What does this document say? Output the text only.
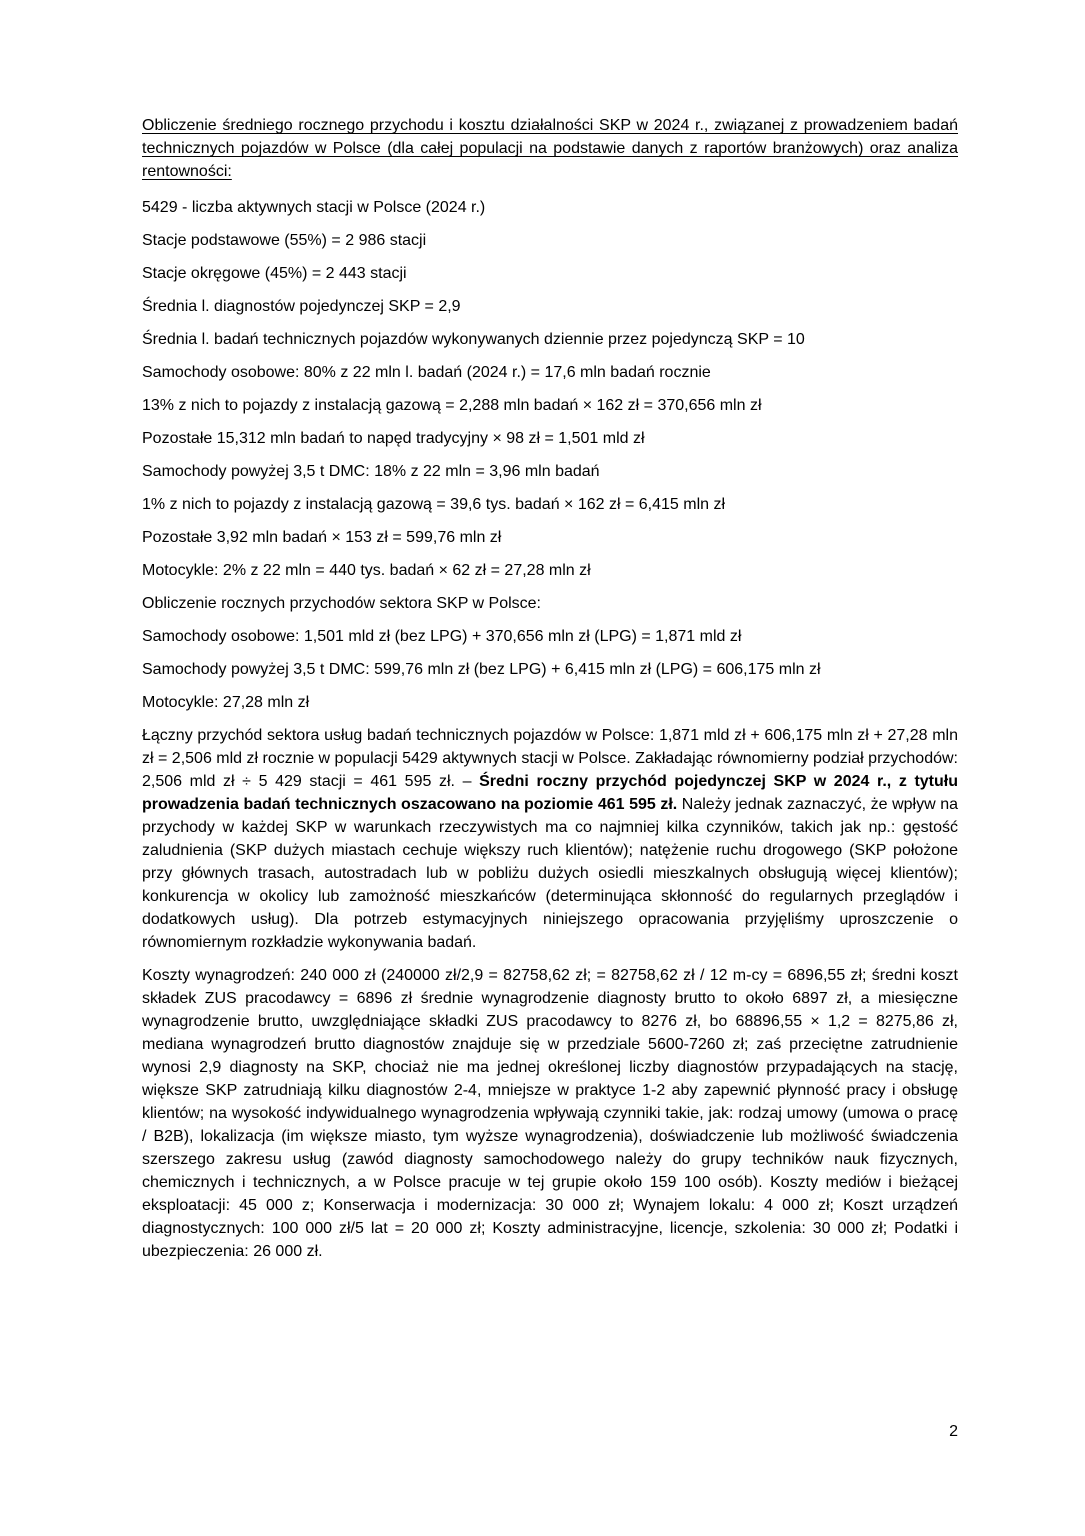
Obliczenie średniego rocznego przychodu i kosztu działalności SKP w 2024 r., związanej z prowadzeniem badań technicznych pojazdów w Polsce (dla całej populacji na podstawie danych z raportów branżowych) oraz analiza rentowności:

5429 - liczba aktywnych stacji w Polsce (2024 r.)

Stacje podstawowe (55%) = 2 986 stacji

Stacje okręgowe (45%) = 2 443 stacji

Średnia l. diagnostów pojedynczej SKP = 2,9

Średnia l. badań technicznych pojazdów wykonywanych dziennie przez pojedynczą SKP = 10

Samochody osobowe: 80% z 22 mln l. badań (2024 r.) = 17,6 mln badań rocznie

13% z nich to pojazdy z instalacją gazową = 2,288 mln badań × 162 zł = 370,656 mln zł

Pozostałe 15,312 mln badań to napęd tradycyjny × 98 zł = 1,501 mld zł

Samochody powyżej 3,5 t DMC: 18% z 22 mln = 3,96 mln badań

1% z nich to pojazdy z instalacją gazową = 39,6 tys. badań × 162 zł = 6,415 mln zł

Pozostałe 3,92 mln badań × 153 zł = 599,76 mln zł

Motocykle: 2% z 22 mln = 440 tys. badań × 62 zł = 27,28 mln zł

Obliczenie rocznych przychodów sektora SKP w Polsce:

Samochody osobowe: 1,501 mld zł (bez LPG) + 370,656 mln zł (LPG) = 1,871 mld zł

Samochody powyżej 3,5 t DMC: 599,76 mln zł (bez LPG) + 6,415 mln zł (LPG) = 606,175 mln zł

Motocykle: 27,28 mln zł

Łączny przychód sektora usług badań technicznych pojazdów w Polsce: 1,871 mld zł + 606,175 mln zł + 27,28 mln zł = 2,506 mld zł rocznie w populacji 5429 aktywnych stacji w Polsce. Zakładając równomierny podział przychodów: 2,506 mld zł ÷ 5 429 stacji = 461 595 zł. – Średni roczny przychód pojedynczej SKP w 2024 r., z tytułu prowadzenia badań technicznych oszacowano na poziomie 461 595 zł. Należy jednak zaznaczyć, że wpływ na przychody w każdej SKP w warunkach rzeczywistych ma co najmniej kilka czynników, takich jak np.: gęstość zaludnienia (SKP dużych miastach cechuje większy ruch klientów); natężenie ruchu drogowego (SKP położone przy głównych trasach, autostradach lub w pobliżu dużych osiedli mieszkalnych obsługują więcej klientów); konkurencja w okolicy lub zamożność mieszkańców (determinująca skłonność do regularnych przeglądów i dodatkowych usług). Dla potrzeb estymacyjnych niniejszego opracowania przyjęliśmy uproszczenie o równomiernym rozkładzie wykonywania badań.

Koszty wynagrodzeń: 240 000 zł (240000 zł/2,9 = 82758,62 zł; = 82758,62 zł / 12 m-cy = 6896,55 zł; średni koszt składek ZUS pracodawcy = 6896 zł średnie wynagrodzenie diagnosty brutto to około 6897 zł, a miesięczne wynagrodzenie brutto, uwzględniające składki ZUS pracodawcy to 8276 zł, bo 68896,55 × 1,2 = 8275,86 zł, mediana wynagrodzeń brutto diagnostów znajduje się w przedziale 5600-7260 zł; zaś przeciętne zatrudnienie wynosi 2,9 diagnosty na SKP, chociaż nie ma jednej określonej liczby diagnostów przypadających na stację, większe SKP zatrudniają kilku diagnostów 2-4, mniejsze w praktyce 1-2 aby zapewnić płynność pracy i obsługę klientów; na wysokość indywidualnego wynagrodzenia wpływają czynniki takie, jak: rodzaj umowy (umowa o pracę / B2B), lokalizacja (im większe miasto, tym wyższe wynagrodzenia), doświadczenie lub możliwość świadczenia szerszego zakresu usług (zawód diagnosty samochodowego należy do grupy techników nauk fizycznych, chemicznych i technicznych, a w Polsce pracuje w tej grupie około 159 100 osób). Koszty mediów i bieżącej eksploatacji: 45 000 z; Konserwacja i modernizacja: 30 000 zł; Wynajem lokalu: 4 000 zł; Koszt urządzeń diagnostycznych: 100 000 zł/5 lat = 20 000 zł; Koszty administracyjne, licencje, szkolenia: 30 000 zł; Podatki i ubezpieczenia: 26 000 zł.

2
